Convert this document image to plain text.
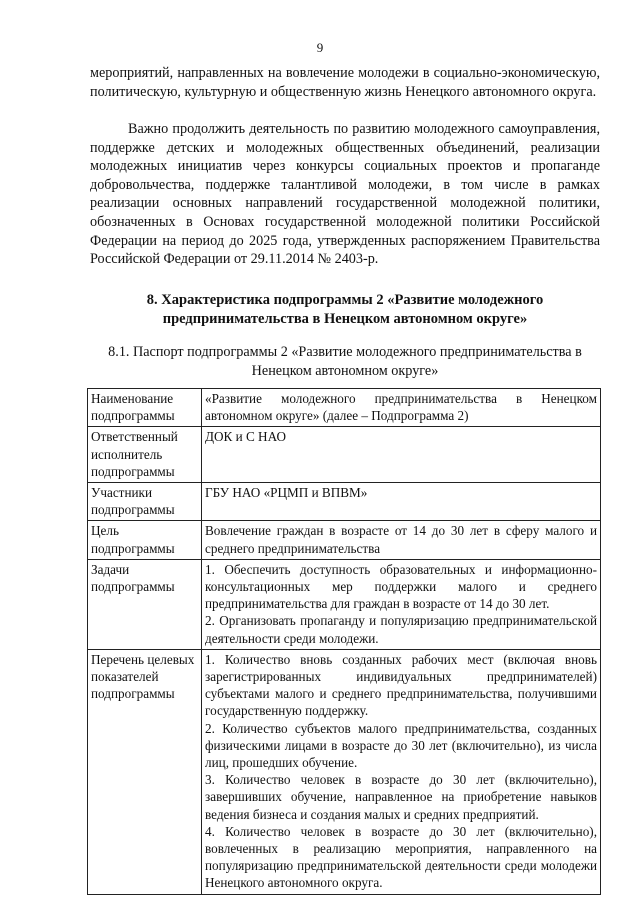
9

мероприятий, направленных на вовлечение молодежи в социально-экономическую, политическую, культурную и общественную жизнь Ненецкого автономного округа.

Важно продолжить деятельность по развитию молодежного самоуправления, поддержке детских и молодежных общественных объединений, реализации молодежных инициатив через конкурсы социальных проектов и пропаганде добровольчества, поддержке талантливой молодежи, в том числе в рамках реализации основных направлений государственной молодежной политики, обозначенных в Основах государственной молодежной политики Российской Федерации на период до 2025 года, утвержденных распоряжением Правительства Российской Федерации от 29.11.2014 № 2403-р.

8. Характеристика подпрограммы 2 «Развитие молодежного предпринимательства в Ненецком автономном округе»

8.1. Паспорт подпрограммы 2 «Развитие молодежного предпринимательства в Ненецком автономном округе»

Наименование подпрограммы	«Развитие молодежного предпринимательства в Ненецком автономном округе» (далее – Подпрограмма 2)

Ответственный исполнитель подпрограммы	ДОК и С НАО

Участники подпрограммы	ГБУ НАО «РЦМП и ВПВМ»

Цель подпрограммы	Вовлечение граждан в возрасте от 14 до 30 лет в сферу малого и среднего предпринимательства

Задачи подпрограммы	1. Обеспечить доступность образовательных и информационно-консультационных мер поддержки малого и среднего предпринимательства для граждан в возрасте от 14 до 30 лет.
2. Организовать пропаганду и популяризацию предпринимательской деятельности среди молодежи.

Перечень целевых показателей подпрограммы	1. Количество вновь созданных рабочих мест (включая вновь зарегистрированных индивидуальных предпринимателей) субъектами малого и среднего предпринимательства, получившими государственную поддержку.
2. Количество субъектов малого предпринимательства, созданных физическими лицами в возрасте до 30 лет (включительно), из числа лиц, прошедших обучение.
3. Количество человек в возрасте до 30 лет (включительно), завершивших обучение, направленное на приобретение навыков ведения бизнеса и создания малых и средних предприятий.
4. Количество человек в возрасте до 30 лет (включительно), вовлеченных в реализацию мероприятия, направленного на популяризацию предпринимательской деятельности среди молодежи Ненецкого автономного округа.
